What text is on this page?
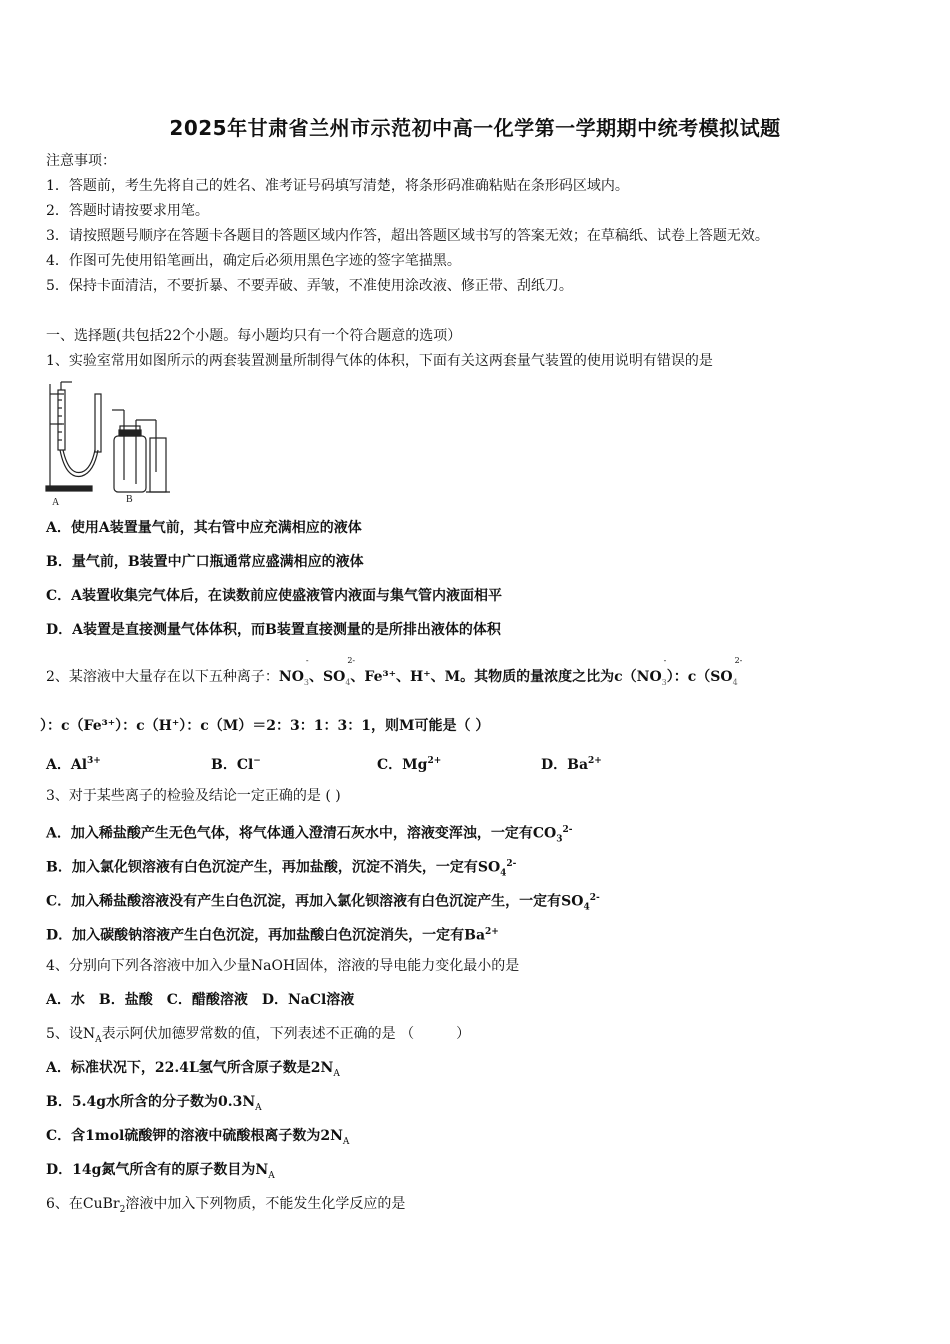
2025年甘肃省兰州市示范初中高一化学第一学期期中统考模拟试题
注意事项：
1．答题前，考生先将自己的姓名、准考证号码填写清楚，将条形码准确粘贴在条形码区域内。
2．答题时请按要求用笔。
3．请按照题号顺序在答题卡各题目的答题区域内作答，超出答题区域书写的答案无效；在草稿纸、试卷上答题无效。
4．作图可先使用铅笔画出，确定后必须用黑色字迹的签字笔描黑。
5．保持卡面清洁，不要折暴、不要弄破、弄皱，不准使用涂改液、修正带、刮纸刀。
一、选择题(共包括22个小题。每小题均只有一个符合题意的选项）
1、实验室常用如图所示的两套装置测量所制得气体的体积，下面有关这两套量气装置的使用说明有错误的是
A	B
A．使用A装置量气前，其右管中应充满相应的液体
B．量气前，B装置中广口瓶通常应盛满相应的液体
C．A装置收集完气体后，在读数前应使盛液管内液面与集气管内液面相平
D．A装置是直接测量气体体积，而B装置直接测量的是所排出液体的体积
2、某溶液中大量存在以下五种离子：NO
-
$_3$、SO
2-
$_4$、Fe³⁺、H⁺、M。其物质的量浓度之比为c（NO
-
$_3$）：c（SO
2-
$_4$
）：c（Fe³⁺）：c（H⁺）：c（M）＝2：3：1：3：1，则M可能是（ ）
A．$Al^{3+}$	B．Cl−	C．$Mg^{2+}$	D．$Ba^{2+}$
3、对于某些离子的检验及结论一定正确的是 ( )
A．加入稀盐酸产生无色气体，将气体通入澄清石灰水中，溶液变浑浊，一定有$CO_3^{2-}$
B．加入氯化钡溶液有白色沉淀产生，再加盐酸，沉淀不消失，一定有$SO_4^{2-}$
C．加入稀盐酸溶液没有产生白色沉淀，再加入氯化钡溶液有白色沉淀产生，一定有$SO_4^{2-}$
D．加入碳酸钠溶液产生白色沉淀，再加盐酸白色沉淀消失，一定有$Ba^{2+}$
4、分别向下列各溶液中加入少量NaOH固体，溶液的导电能力变化最小的是
A．水　B．盐酸　C．醋酸溶液　D．NaCl溶液
5、设$N_A$表示阿伏加德罗常数的值，下列表述不正确的是 （　　　）
A．标准状况下，22.4L氢气所含原子数是$2N_A$
B．5.4g水所含的分子数为$0.3N_A$
C．含1mol硫酸钾的溶液中硫酸根离子数为$2N_A$
D．14g氮气所含有的原子数目为$N_A$
6、在CuBr$_2$溶液中加入下列物质，不能发生化学反应的是
